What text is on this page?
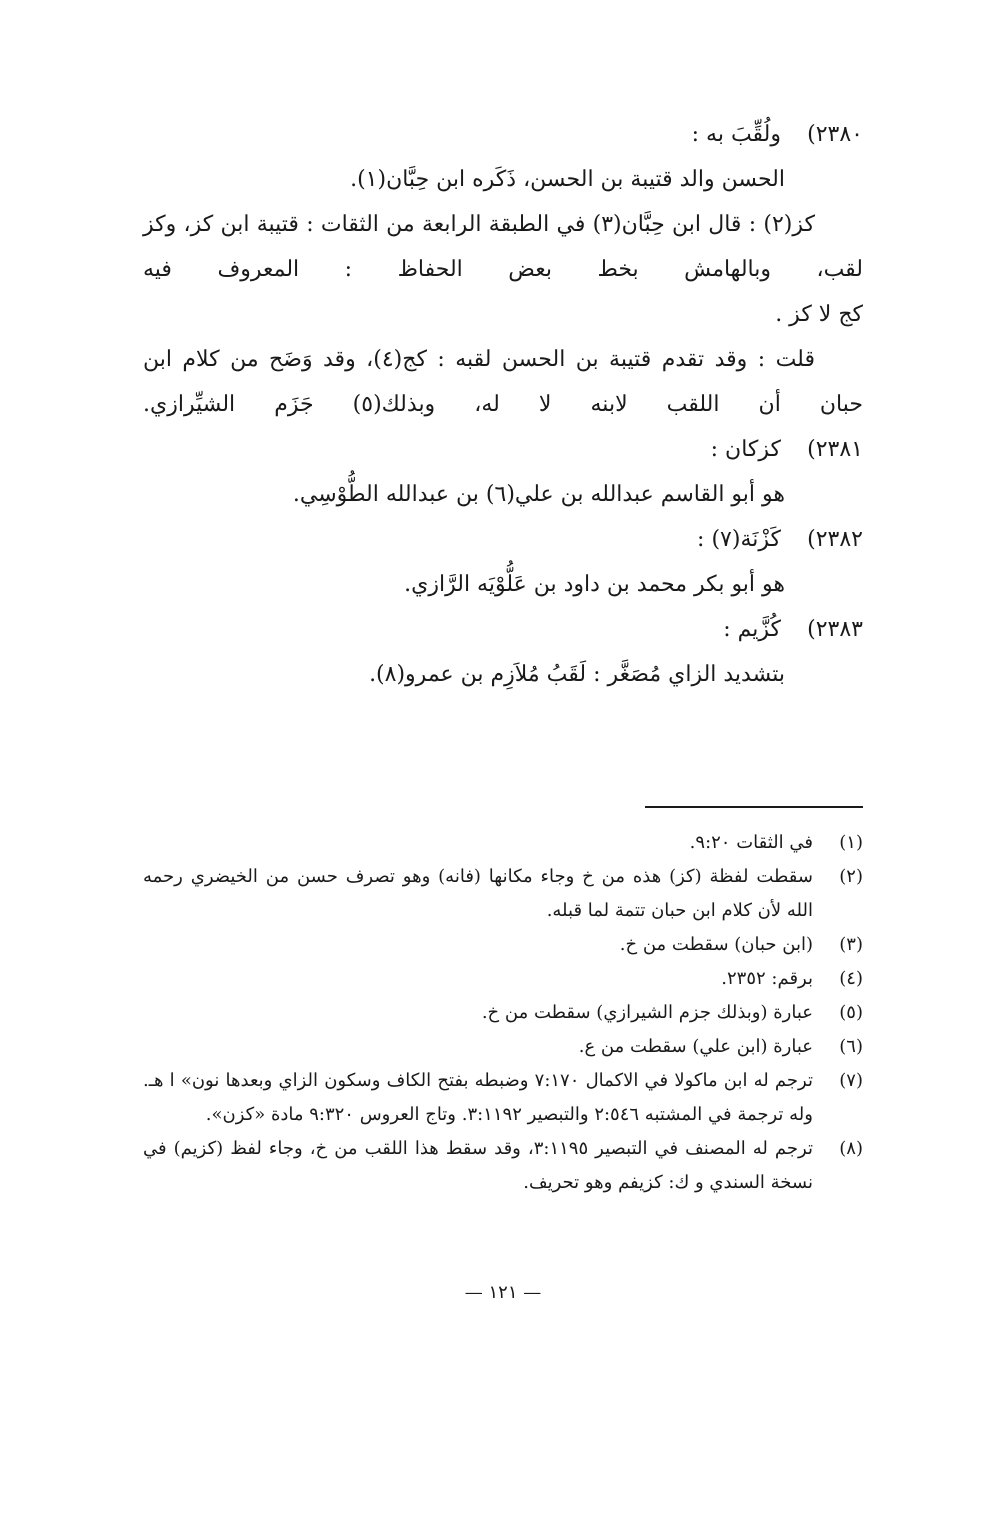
٢٣٨٠)ولُقِّبَ به :
الحسن والد قتيبة بن الحسن، ذَكَره ابن حِبَّان(١).
كز(٢) : قال ابن حِبَّان(٣) في الطبقة الرابعة من الثقات : قتيبة ابن كز، وكز لقب، وبالهامش بخط بعض الحفاظ : المعروف فيه
كج لا كز .
قلت : وقد تقدم قتيبة بن الحسن لقبه : كج(٤)، وقد وَضَح من كلام ابن حبان أن اللقب لابنه لا له، وبذلك(٥) جَزَم الشيِّرازي.
٢٣٨١)كزكان :
هو أبو القاسم عبدالله بن علي(٦) بن عبدالله الطُّوْسِي.
٢٣٨٢)كَزْنَة(٧) :
هو أبو بكر محمد بن داود بن عَلُّوْيَه الرَّازي.
٢٣٨٣)كُزَّيم :
بتشديد الزاي مُصَغَّر : لَقَبُ مُلاَزِم بن عمرو(٨).
(١)
في الثقات ٩:٢٠.
(٢)
سقطت لفظة (كز) هذه من خ وجاء مكانها (فانه) وهو تصرف حسن من الخيضري رحمه الله لأن كلام ابن حبان تتمة لما قبله.
(٣)
(ابن حبان) سقطت من خ.
(٤)
برقم: ٢٣٥٢.
(٥)
عبارة (وبذلك جزم الشيرازي) سقطت من خ.
(٦)
عبارة (ابن علي) سقطت من ع.
(٧)
ترجم له ابن ماكولا في الاكمال ٧:١٧٠ وضبطه بفتح الكاف وسكون الزاي وبعدها نون» ا هـ. وله ترجمة في المشتبه ٢:٥٤٦ والتبصير ٣:١١٩٢. وتاج العروس ٩:٣٢٠ مادة «كزن».
(٨)
ترجم له المصنف في التبصير ٣:١١٩٥، وقد سقط هذا اللقب من خ، وجاء لفظ (كزيم) في نسخة السندي و ك: كزيفم وهو تحريف.
— ١٢١ —
